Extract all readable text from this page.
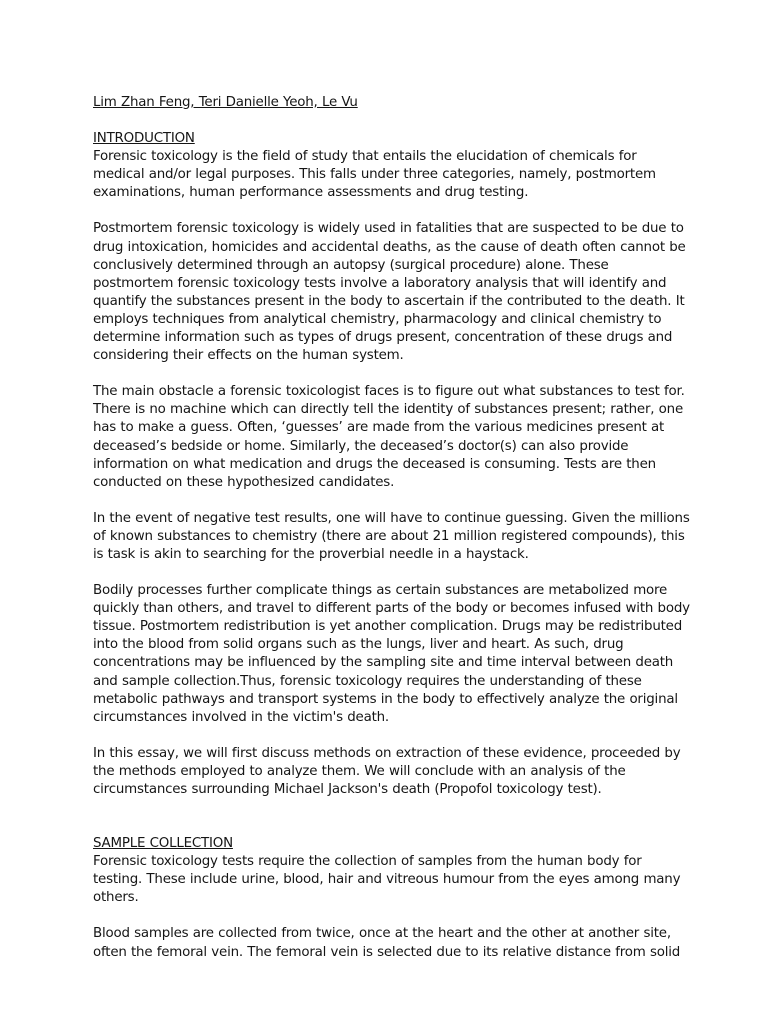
Lim Zhan Feng, Teri Danielle Yeoh, Le Vu

INTRODUCTION

Forensic toxicology is the field of study that entails the elucidation of chemicals for medical and/or legal purposes. This falls under three categories, namely, postmortem examinations, human performance assessments and drug testing.

Postmortem forensic toxicology is widely used in fatalities that are suspected to be due to drug intoxication, homicides and accidental deaths, as the cause of death often cannot be conclusively determined through an autopsy (surgical procedure) alone. These postmortem forensic toxicology tests involve a laboratory analysis that will identify and quantify the substances present in the body to ascertain if the contributed to the death. It employs techniques from analytical chemistry, pharmacology and clinical chemistry to determine information such as types of drugs present, concentration of these drugs and considering their effects on the human system.

The main obstacle a forensic toxicologist faces is to figure out what substances to test for. There is no machine which can directly tell the identity of substances present; rather, one has to make a guess. Often, ‘guesses’ are made from the various medicines present at deceased’s bedside or home. Similarly, the deceased’s doctor(s) can also provide information on what medication and drugs the deceased is consuming. Tests are then conducted on these hypothesized candidates.

In the event of negative test results, one will have to continue guessing. Given the millions of known substances to chemistry (there are about 21 million registered compounds), this is task is akin to searching for the proverbial needle in a haystack.

Bodily processes further complicate things as certain substances are metabolized more quickly than others, and travel to different parts of the body or becomes infused with body tissue. Postmortem redistribution is yet another complication. Drugs may be redistributed into the blood from solid organs such as the lungs, liver and heart. As such, drug concentrations may be influenced by the sampling site and time interval between death and sample collection.Thus, forensic toxicology requires the understanding of these metabolic pathways and transport systems in the body to effectively analyze the original circumstances involved in the victim's death.

In this essay, we will first discuss methods on extraction of these evidence, proceeded by the methods employed to analyze them. We will conclude with an analysis of the circumstances surrounding Michael Jackson's death (Propofol toxicology test).

SAMPLE COLLECTION

Forensic toxicology tests require the collection of samples from the human body for testing. These include urine, blood, hair and vitreous humour from the eyes among many others.

Blood samples are collected from twice, once at the heart and the other at another site, often the femoral vein. The femoral vein is selected due to its relative distance from solid
